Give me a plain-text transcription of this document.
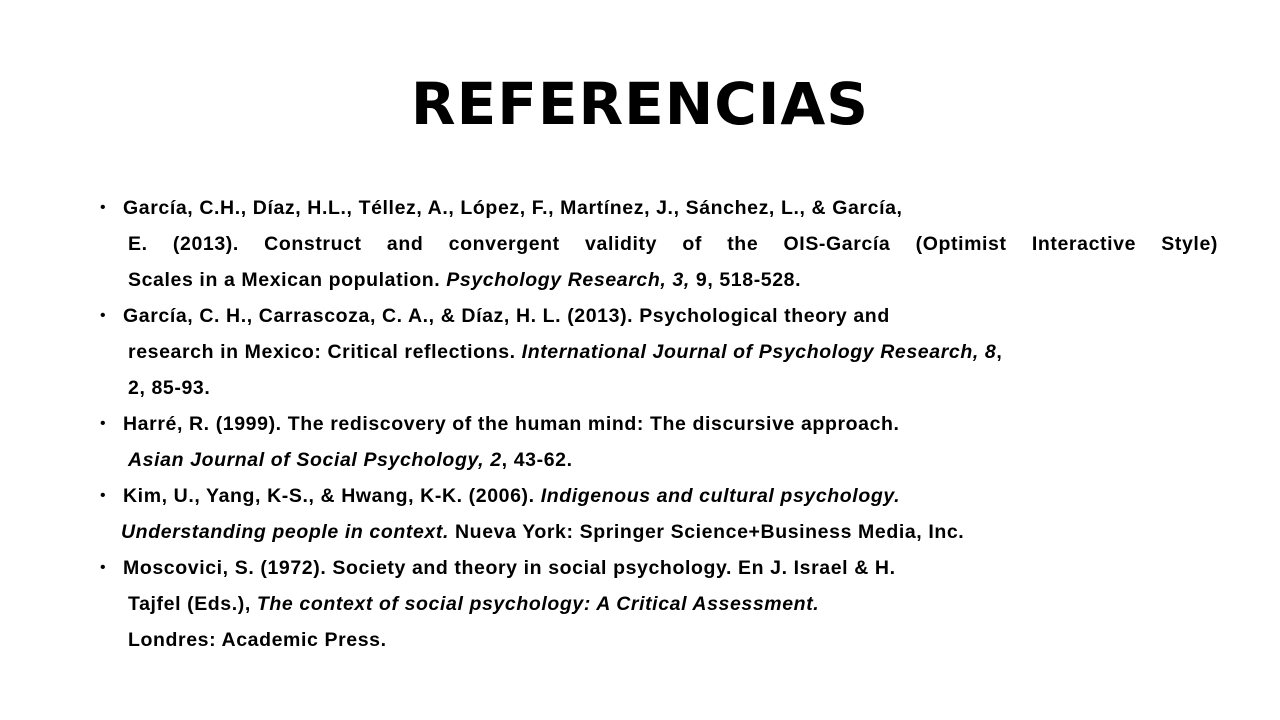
REFERENCIAS
• García, C.H., Díaz, H.L., Téllez, A., López, F., Martínez, J., Sánchez, L., & García,
E. (2013). Construct and convergent validity of the OIS-García (Optimist Interactive Style)
Scales in a Mexican population. Psychology Research, 3, 9, 518-528.
• García, C. H., Carrascoza, C. A., & Díaz, H. L. (2013). Psychological theory and
research in Mexico: Critical reflections. International Journal of Psychology Research, 8,
2, 85-93.
• Harré, R. (1999). The rediscovery of the human mind: The discursive approach.
Asian Journal of Social Psychology, 2, 43-62.
• Kim, U., Yang, K-S., & Hwang, K-K. (2006). Indigenous and cultural psychology.
Understanding people in context. Nueva York: Springer Science+Business Media, Inc.
• Moscovici, S. (1972). Society and theory in social psychology. En J. Israel & H.
Tajfel (Eds.), The context of social psychology: A Critical Assessment.
Londres: Academic Press.
